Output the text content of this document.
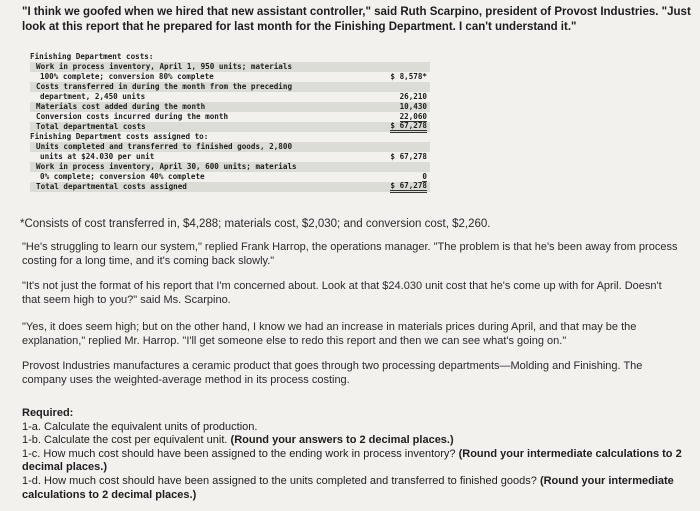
"I think we goofed when we hired that new assistant controller," said Ruth Scarpino, president of Provost Industries. "Just look at this report that he prepared for last month for the Finishing Department. I can't understand it."

Finishing Department costs:
Work in process inventory, April 1, 950 units; materials
100% complete; conversion 80% complete	$ 8,578*
Costs transferred in during the month from the preceding
department, 2,450 units	26,210
Materials cost added during the month	10,430
Conversion costs incurred during the month	22,060
Total departmental costs	$ 67,278
Finishing Department costs assigned to:
Units completed and transferred to finished goods, 2,800
units at $24.030 per unit	$ 67,278
Work in process inventory, April 30, 600 units; materials
0% complete; conversion 40% complete	0
Total departmental costs assigned	$ 67,278

*Consists of cost transferred in, $4,288; materials cost, $2,030; and conversion cost, $2,260.

"He's struggling to learn our system," replied Frank Harrop, the operations manager. "The problem is that he's been away from process costing for a long time, and it's coming back slowly."

"It's not just the format of his report that I'm concerned about. Look at that $24.030 unit cost that he's come up with for April. Doesn't that seem high to you?" said Ms. Scarpino.

"Yes, it does seem high; but on the other hand, I know we had an increase in materials prices during April, and that may be the explanation," replied Mr. Harrop. "I'll get someone else to redo this report and then we can see what's going on."

Provost Industries manufactures a ceramic product that goes through two processing departments—Molding and Finishing. The company uses the weighted-average method in its process costing.

Required:
1-a. Calculate the equivalent units of production.
1-b. Calculate the cost per equivalent unit. (Round your answers to 2 decimal places.)
1-c. How much cost should have been assigned to the ending work in process inventory? (Round your intermediate calculations to 2 decimal places.)
1-d. How much cost should have been assigned to the units completed and transferred to finished goods? (Round your intermediate calculations to 2 decimal places.)
